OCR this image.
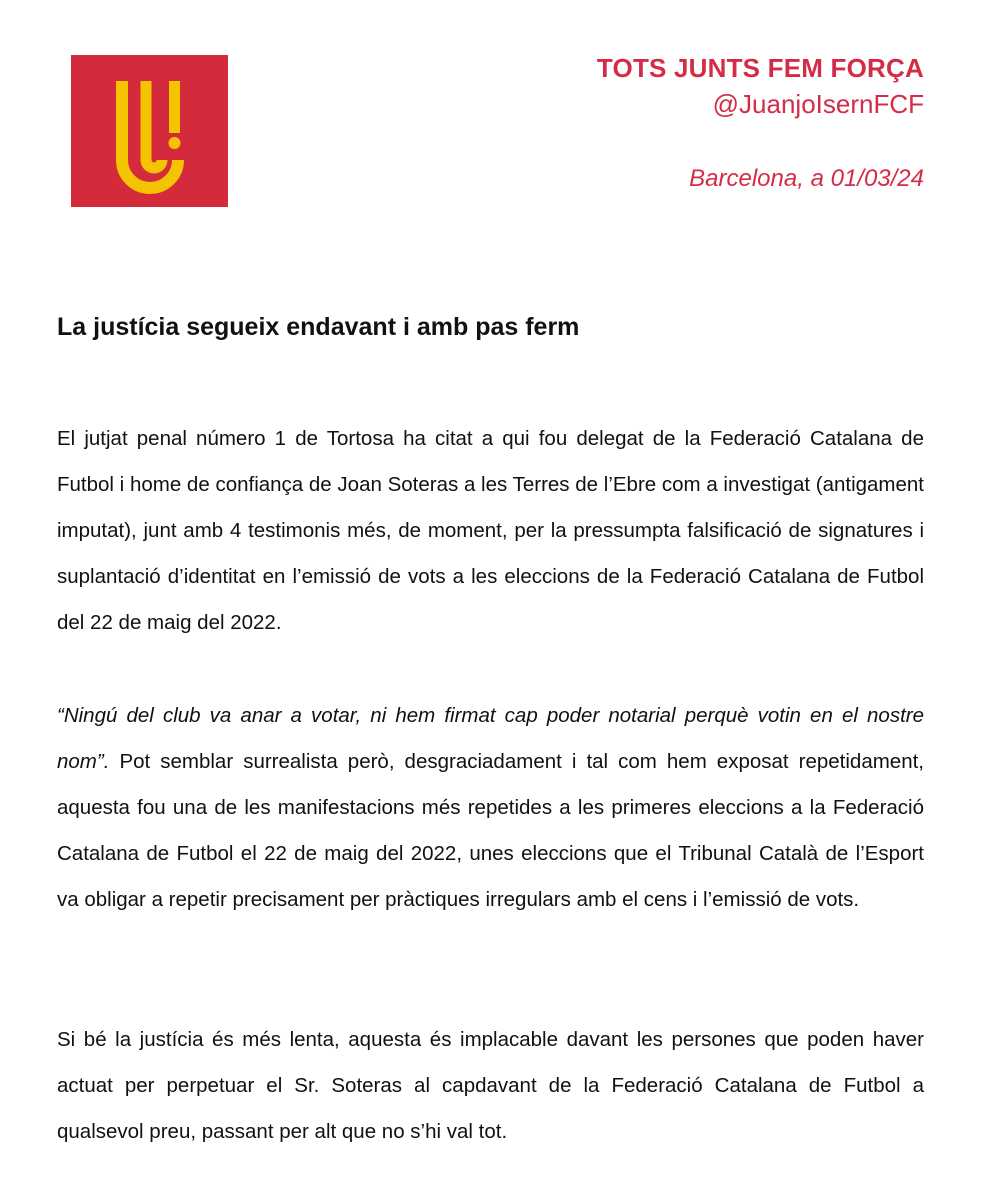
TOTS JUNTS FEM FORÇA
@JuanjoIsernFCF
Barcelona, a 01/03/24
La justícia segueix endavant i amb pas ferm

El jutjat penal número 1 de Tortosa ha citat a qui fou delegat de la Federació Catalana de Futbol i home de confiança de Joan Soteras a les Terres de l’Ebre com a investigat (antigament imputat), junt amb 4 testimonis més, de moment, per la pressumpta falsificació de signatures i suplantació d’identitat en l’emissió de vots a les eleccions de la Federació Catalana de Futbol del 22 de maig del 2022.

“Ningú del club va anar a votar, ni hem firmat cap poder notarial perquè votin en el nostre nom”. Pot semblar surrealista però, desgraciadament i tal com hem exposat repetidament, aquesta fou una de les manifestacions més repetides a les primeres eleccions a la Federació Catalana de Futbol el 22 de maig del 2022, unes eleccions que el Tribunal Català de l’Esport va obligar a repetir precisament per pràctiques irregulars amb el cens i l’emissió de vots.

Si bé la justícia és més lenta, aquesta és implacable davant les persones que poden haver actuat per perpetuar el Sr. Soteras al capdavant de la Federació Catalana de Futbol a qualsevol preu, passant per alt que no s’hi val tot.
